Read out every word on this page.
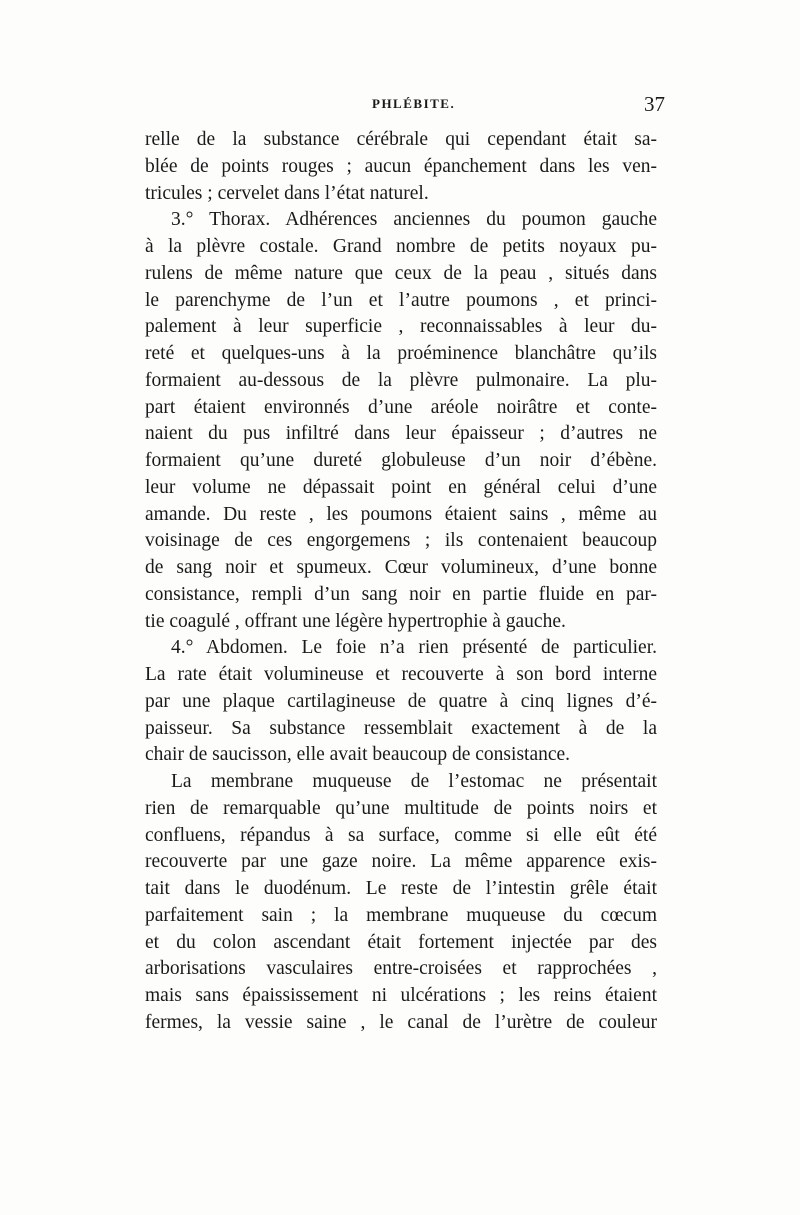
PHLÉBITE.	37
relle de la substance cérébrale qui cependant était sa-
blée de points rouges ; aucun épanchement dans les ven-
tricules ; cervelet dans l’état naturel.
3.° Thorax. Adhérences anciennes du poumon gauche
à la plèvre costale. Grand nombre de petits noyaux pu-
rulens de même nature que ceux de la peau , situés dans
le parenchyme de l’un et l’autre poumons , et princi-
palement à leur superficie , reconnaissables à leur du-
reté et quelques-uns à la proéminence blanchâtre qu’ils
formaient au-dessous de la plèvre pulmonaire. La plu-
part étaient environnés d’une aréole noirâtre et conte-
naient du pus infiltré dans leur épaisseur ; d’autres ne
formaient qu’une dureté globuleuse d’un noir d’ébène.
leur volume ne dépassait point en général celui d’une
amande. Du reste , les poumons étaient sains , même au
voisinage de ces engorgemens ; ils contenaient beaucoup
de sang noir et spumeux. Cœur volumineux, d’une bonne
consistance, rempli d’un sang noir en partie fluide en par-
tie coagulé , offrant une légère hypertrophie à gauche.
4.° Abdomen. Le foie n’a rien présenté de particulier.
La rate était volumineuse et recouverte à son bord interne
par une plaque cartilagineuse de quatre à cinq lignes d’é-
paisseur. Sa substance ressemblait exactement à de la
chair de saucisson, elle avait beaucoup de consistance.
La membrane muqueuse de l’estomac ne présentait
rien de remarquable qu’une multitude de points noirs et
confluens, répandus à sa surface, comme si elle eût été
recouverte par une gaze noire. La même apparence exis-
tait dans le duodénum. Le reste de l’intestin grêle était
parfaitement sain ; la membrane muqueuse du cœcum
et du colon ascendant était fortement injectée par des
arborisations vasculaires entre-croisées et rapprochées ,
mais sans épaississement ni ulcérations ; les reins étaient
fermes, la vessie saine , le canal de l’urètre de couleur
